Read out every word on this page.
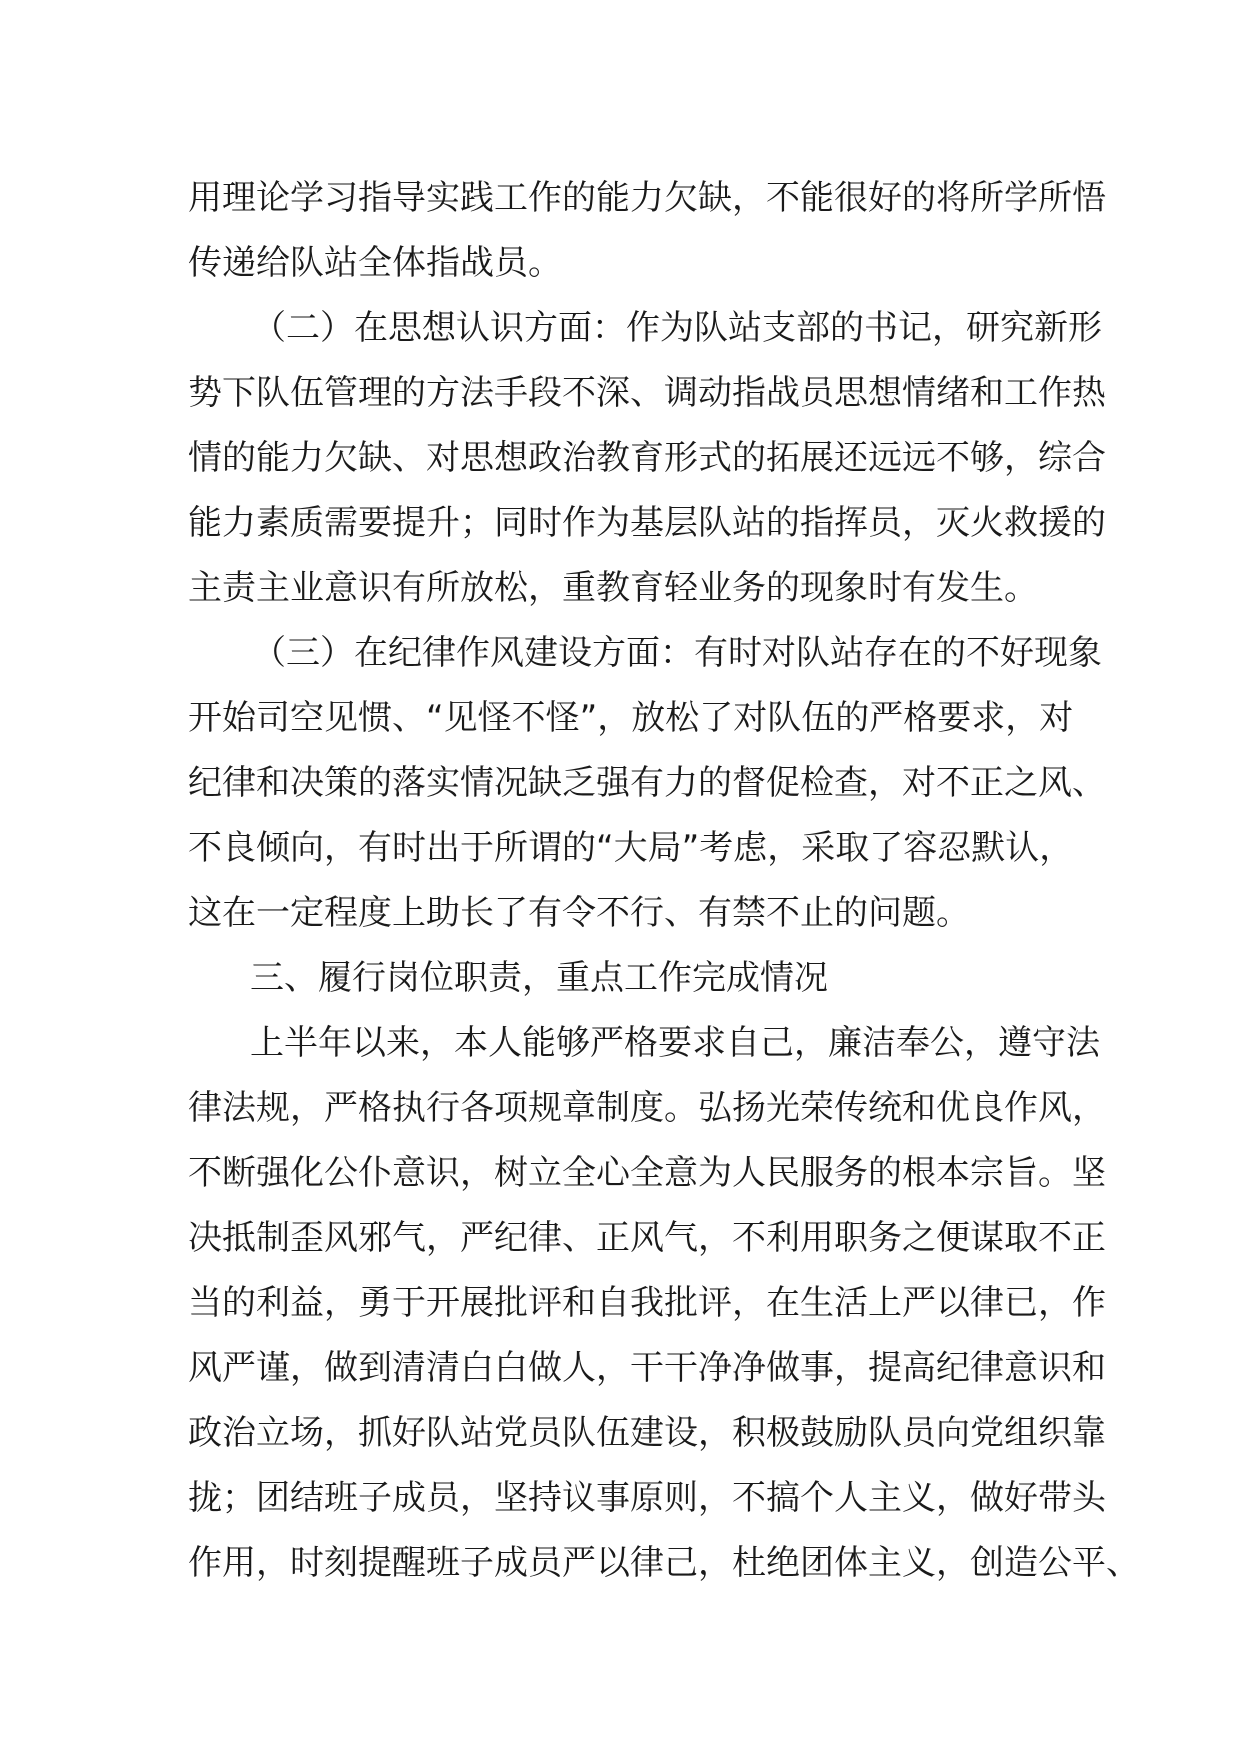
用理论学习指导实践工作的能力欠缺，不能很好的将所学所悟
传递给队站全体指战员。
（二）在思想认识方面：作为队站支部的书记，研究新形
势下队伍管理的方法手段不深、调动指战员思想情绪和工作热
情的能力欠缺、对思想政治教育形式的拓展还远远不够，综合
能力素质需要提升；同时作为基层队站的指挥员，灭火救援的
主责主业意识有所放松，重教育轻业务的现象时有发生。
（三）在纪律作风建设方面：有时对队站存在的不好现象
开始司空见惯、“见怪不怪”，放松了对队伍的严格要求，对
纪律和决策的落实情况缺乏强有力的督促检查，对不正之风、
不良倾向，有时出于所谓的“大局”考虑，采取了容忍默认，
这在一定程度上助长了有令不行、有禁不止的问题。
三、履行岗位职责，重点工作完成情况
上半年以来，本人能够严格要求自己，廉洁奉公，遵守法
律法规，严格执行各项规章制度。弘扬光荣传统和优良作风，
不断强化公仆意识，树立全心全意为人民服务的根本宗旨。坚
决抵制歪风邪气，严纪律、正风气，不利用职务之便谋取不正
当的利益，勇于开展批评和自我批评，在生活上严以律已，作
风严谨，做到清清白白做人，干干净净做事，提高纪律意识和
政治立场，抓好队站党员队伍建设，积极鼓励队员向党组织靠
拢；团结班子成员，坚持议事原则，不搞个人主义，做好带头
作用，时刻提醒班子成员严以律己，杜绝团体主义，创造公平、
